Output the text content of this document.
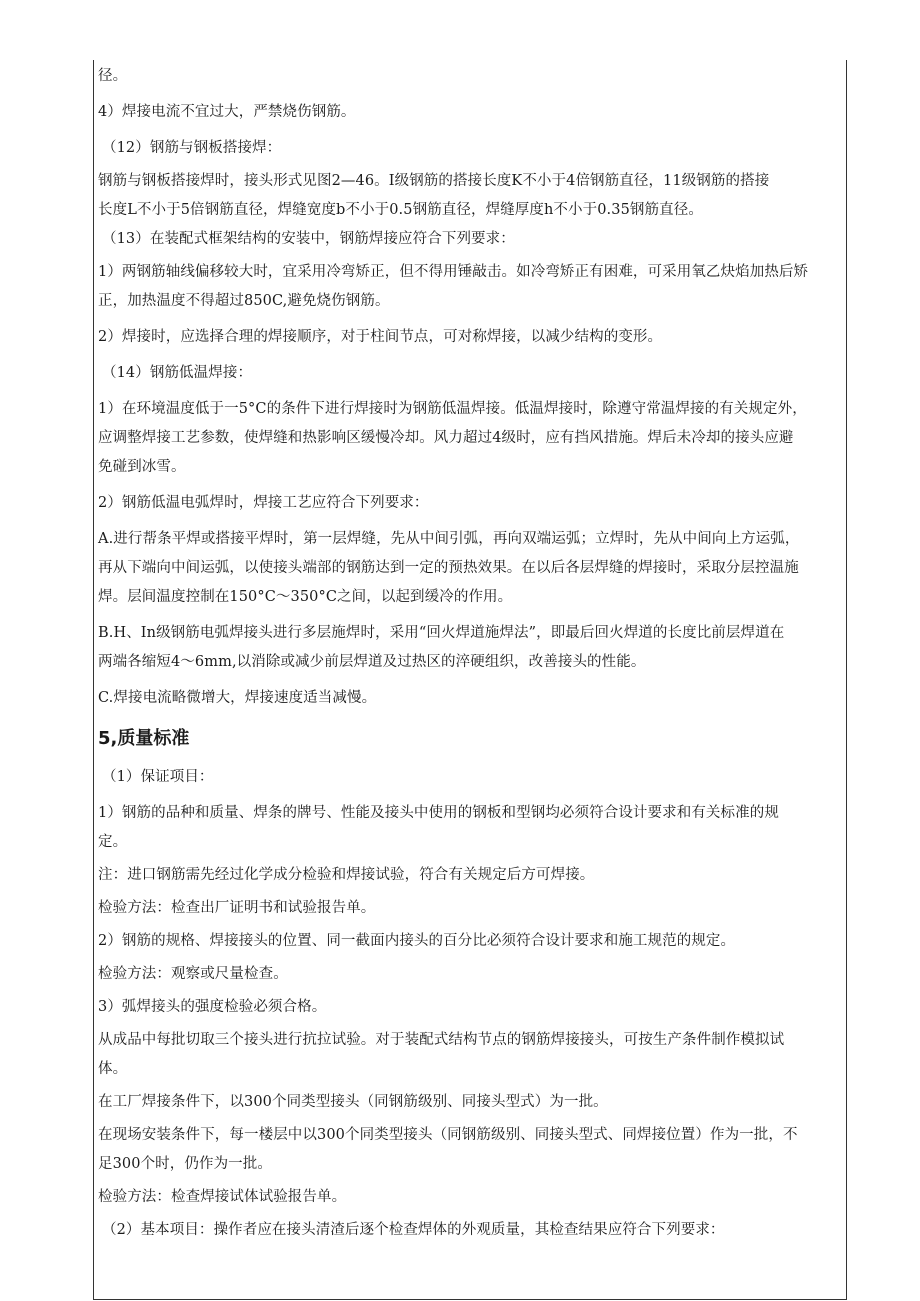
径。

4）焊接电流不宜过大，严禁烧伤钢筋。

（12）钢筋与钢板搭接焊：

钢筋与钢板搭接焊时，接头形式见图2—46。I级钢筋的搭接长度K不小于4倍钢筋直径，11级钢筋的搭接

长度L不小于5倍钢筋直径，焊缝宽度b不小于0.5钢筋直径，焊缝厚度h不小于0.35钢筋直径。

（13）在装配式框架结构的安装中，钢筋焊接应符合下列要求：

1）两钢筋轴线偏移较大时，宜采用冷弯矫正，但不得用锤敲击。如冷弯矫正有困难，可采用氧乙炔焰加热后矫

正，加热温度不得超过850C,避免烧伤钢筋。

2）焊接时，应选择合理的焊接顺序，对于柱间节点，可对称焊接，以减少结构的变形。

（14）钢筋低温焊接：

1）在环境温度低于一5°C的条件下进行焊接时为钢筋低温焊接。低温焊接时，除遵守常温焊接的有关规定外，

应调整焊接工艺参数，使焊缝和热影响区缓慢冷却。风力超过4级时，应有挡风措施。焊后未冷却的接头应避

免碰到冰雪。

2）钢筋低温电弧焊时，焊接工艺应符合下列要求：

A.进行帮条平焊或搭接平焊时，第一层焊缝，先从中间引弧，再向双端运弧；立焊时，先从中间向上方运弧，

再从下端向中间运弧，以使接头端部的钢筋达到一定的预热效果。在以后各层焊缝的焊接时，采取分层控温施

焊。层间温度控制在150°C～350°C之间，以起到缓冷的作用。

B.H、In级钢筋电弧焊接头进行多层施焊时，采用“回火焊道施焊法”，即最后回火焊道的长度比前层焊道在

两端各缩短4～6mm,以消除或减少前层焊道及过热区的淬硬组织，改善接头的性能。

C.焊接电流略微增大，焊接速度适当减慢。

5,质量标准

（1）保证项目：

1）钢筋的品种和质量、焊条的牌号、性能及接头中使用的钢板和型钢均必须符合设计要求和有关标准的规

定。

注：进口钢筋需先经过化学成分检验和焊接试验，符合有关规定后方可焊接。

检验方法：检查出厂证明书和试验报告单。

2）钢筋的规格、焊接接头的位置、同一截面内接头的百分比必须符合设计要求和施工规范的规定。

检验方法：观察或尺量检查。

3）弧焊接头的强度检验必须合格。

从成品中每批切取三个接头进行抗拉试验。对于装配式结构节点的钢筋焊接接头，可按生产条件制作模拟试

体。

在工厂焊接条件下，以300个同类型接头（同钢筋级别、同接头型式）为一批。

在现场安装条件下，每一楼层中以300个同类型接头（同钢筋级别、同接头型式、同焊接位置）作为一批，不

足300个时，仍作为一批。

检验方法：检查焊接试体试验报告单。

（2）基本项目：操作者应在接头清渣后逐个检查焊体的外观质量，其检查结果应符合下列要求：
